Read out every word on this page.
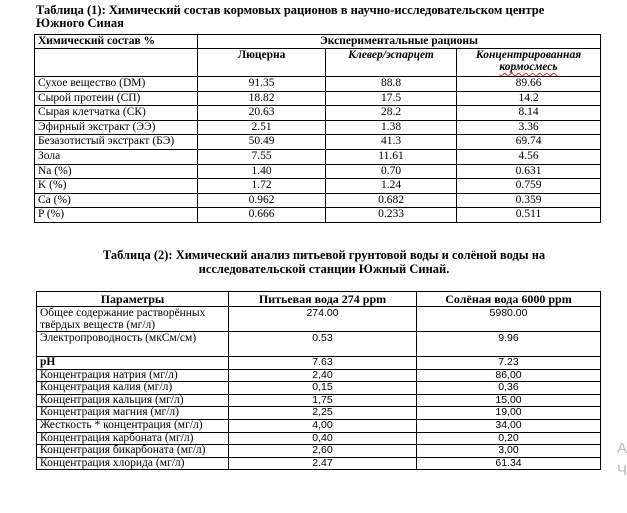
Таблица (1): Химический состав кормовых рационов в научно-исследовательском центре
Южного Синая
Химический состав %	Экспериментальные рационы		
	Люцерна	Клевер/эспарцет	Концентрированная
кормосмесь

Сухое вещество (DM)	91.35	88.8	89.66
Сырой протеин (СП)	18.82	17.5	14.2
Сырая клетчатка (СК)	20.63	28.2	8.14
Эфирный экстракт (ЭЭ)	2.51	1.38	3.36
Безазотистый экстракт (БЭ)	50.49	41.3	69.74
Зола	7.55	11.61	4.56
Na (%)	1.40	0.70	0.631
K (%)	1.72	1.24	0.759
Ca (%)	0.962	0.682	0.359
P (%)	0.666	0.233	0.511
Таблица (2): Химический анализ питьевой грунтовой воды и солёной воды на
исследовательской станции Южный Синай.
Параметры	Питьевая вода 274 ppm	Солёная вода 6000 ppm
Общее содержание растворённых твёрдых веществ (мг/л)	274.00	5980.00
Электропроводность (мкСм/см)	0.53	9.96
pH	7.63	7.23
Концентрация натрия (мг/л)	2,40	86,00
Концентрация калия (мг/л)	0,15	0,36
Концентрация кальция (мг/л)	1,75	15,00
Концентрация магния (мг/л)	2,25	19,00
Жесткость * концентрация (мг/л)	4,00	34,00
Концентрация карбоната (мг/л)	0,40	0,20
Концентрация бикарбоната (мг/л)	2,60	3,00
Концентрация хлорида (мг/л)	2.47	61.34
A
Ч
